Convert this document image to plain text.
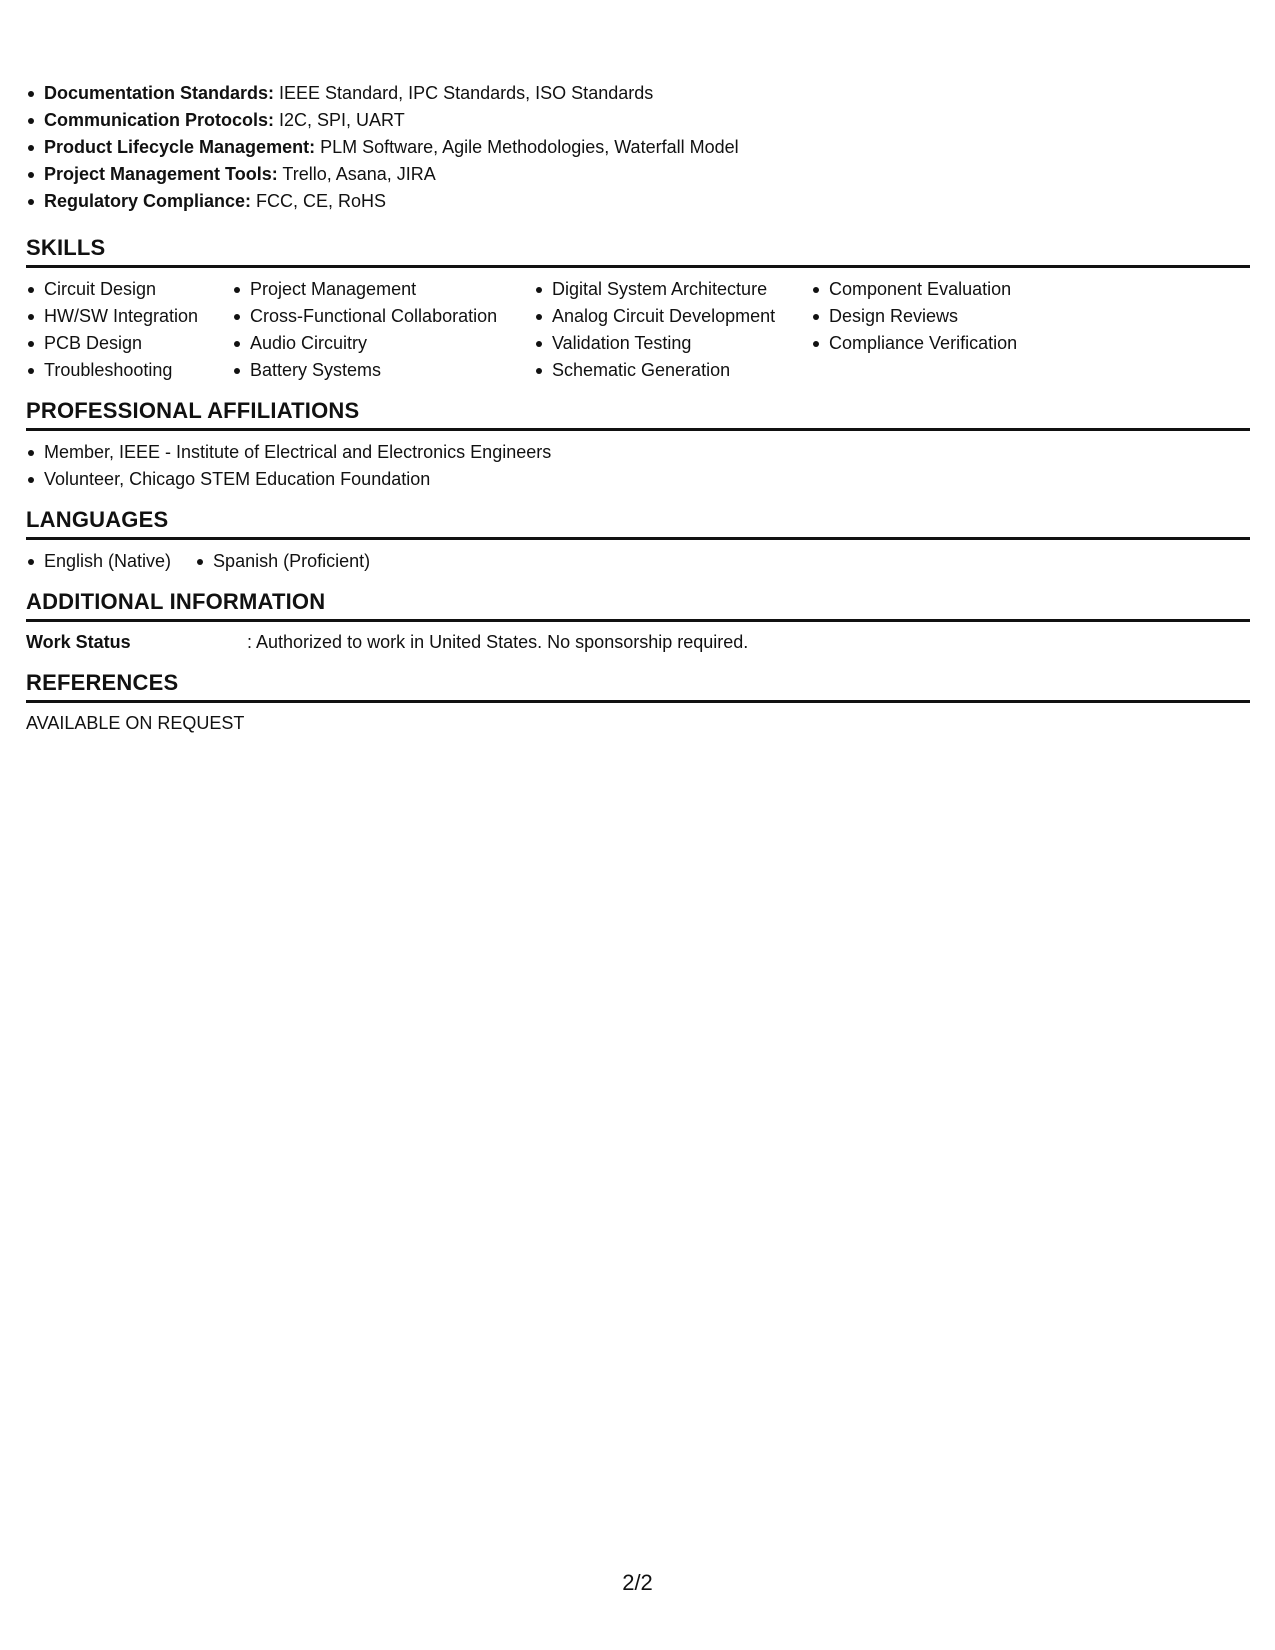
Documentation Standards: IEEE Standard, IPC Standards, ISO Standards
Communication Protocols: I2C, SPI, UART
Product Lifecycle Management: PLM Software, Agile Methodologies, Waterfall Model
Project Management Tools: Trello, Asana, JIRA
Regulatory Compliance: FCC, CE, RoHS
SKILLS
Circuit Design
HW/SW Integration
PCB Design
Troubleshooting
Project Management
Cross-Functional Collaboration
Audio Circuitry
Battery Systems
Digital System Architecture
Analog Circuit Development
Validation Testing
Schematic Generation
Component Evaluation
Design Reviews
Compliance Verification
PROFESSIONAL AFFILIATIONS
Member, IEEE - Institute of Electrical and Electronics Engineers
Volunteer, Chicago STEM Education Foundation
LANGUAGES
English (Native)	Spanish (Proficient)
ADDITIONAL INFORMATION
Work Status	: Authorized to work in United States. No sponsorship required.
REFERENCES
AVAILABLE ON REQUEST
2/2
